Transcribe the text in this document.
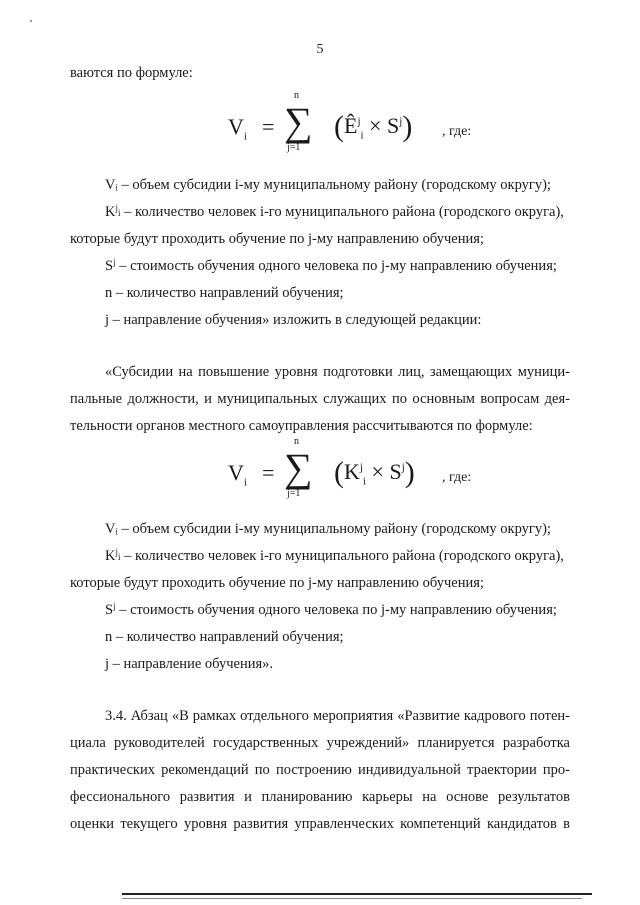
5
ваются по формуле:
$V_i$ =
n
∑
j=1
$(Ê^j_i \times S^j)$ , где:
Vᵢ – объем субсидии i-му муниципальному району (городскому округу);
$K^ji$ – количество человек i-го муниципального района (городского округа),
которые будут проходить обучение по j-му направлению обучения;
$S^j$ – стоимость обучения одного человека по j-му направлению обучения;
n – количество направлений обучения;
j – направление обучения» изложить в следующей редакции:
«Субсидии на повышение уровня подготовки лиц, замещающих муници-
пальные должности, и муниципальных служащих по основным вопросам дея-
тельности органов местного самоуправления рассчитываются по формуле:
$V_i$ =
n
∑
j=1
$(K^j_i \times S^j)$ , где:
Vᵢ – объем субсидии i-му муниципальному району (городскому округу);
$K^ji$ – количество человек i-го муниципального района (городского округа),
которые будут проходить обучение по j-му направлению обучения;
$S^j$ – стоимость обучения одного человека по j-му направлению обучения;
n – количество направлений обучения;
j – направление обучения».
3.4. Абзац «В рамках отдельного мероприятия «Развитие кадрового потен-
циала руководителей государственных учреждений» планируется разработка
практических рекомендаций по построению индивидуальной траектории про-
фессионального развития и планированию карьеры на основе результатов
оценки текущего уровня развития управленческих компетенций кандидатов в
